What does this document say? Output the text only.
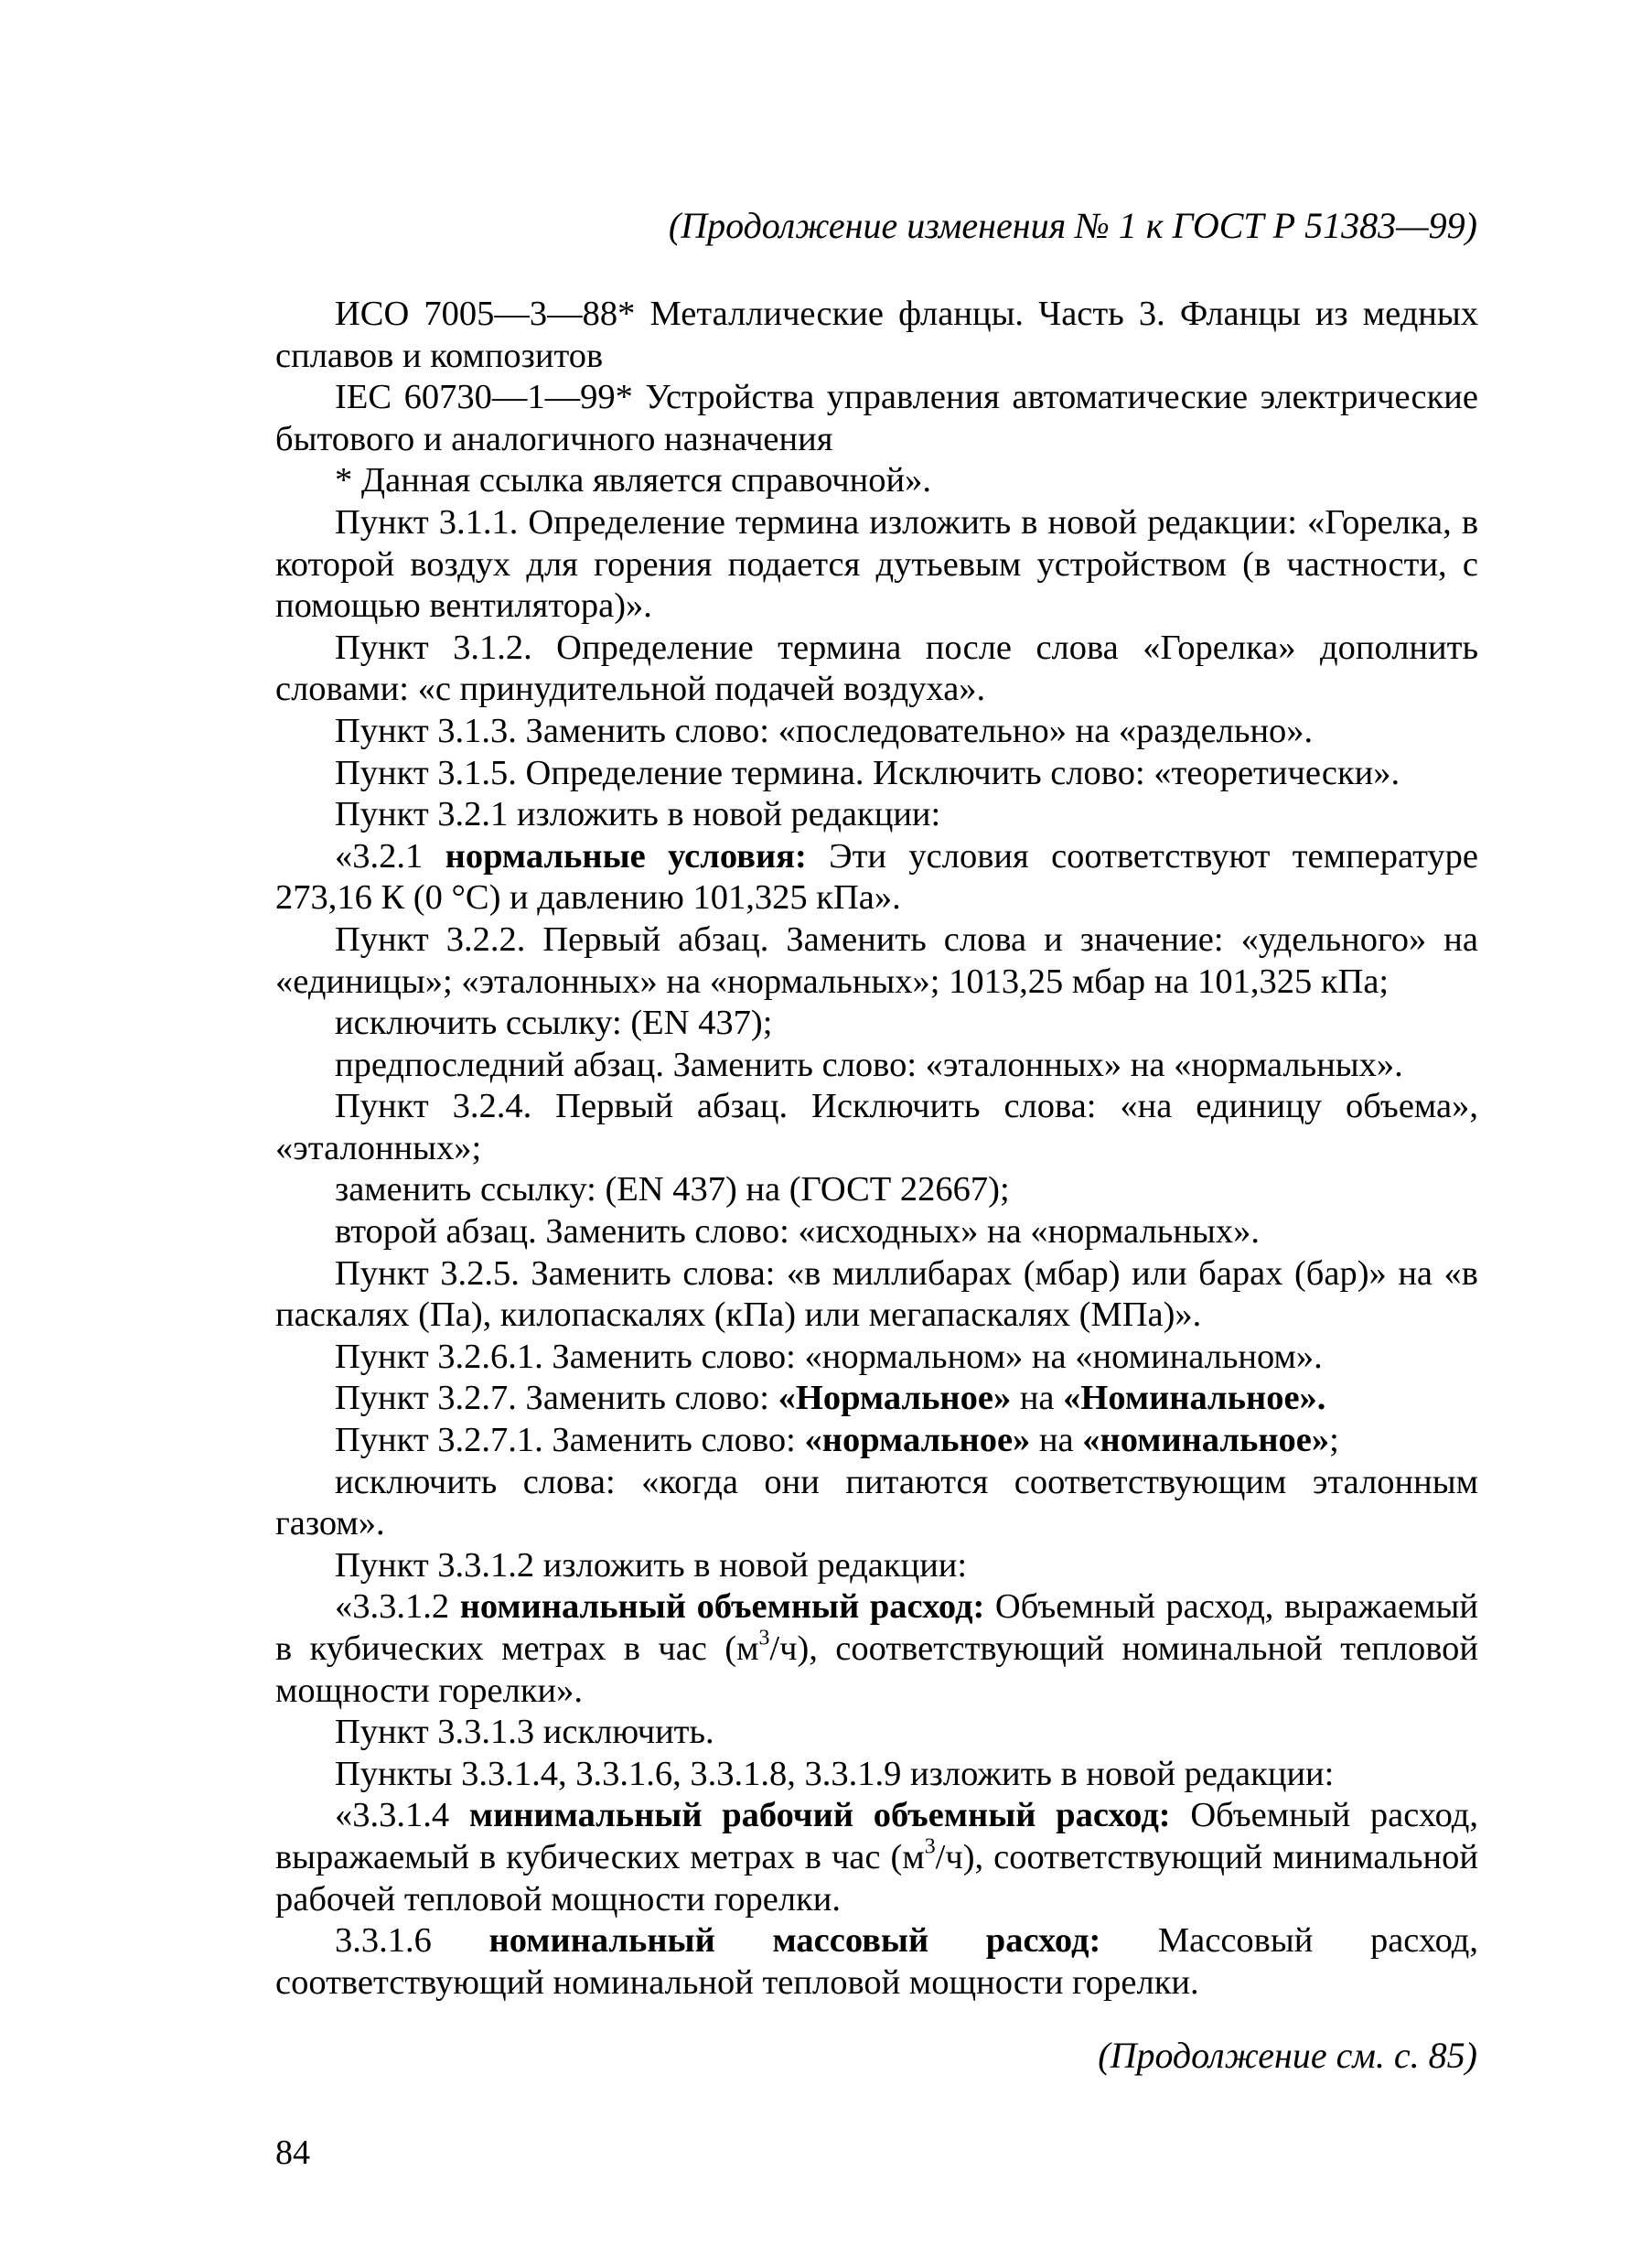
(Продолжение изменения № 1 к ГОСТ Р 51383—99)

ИСО 7005—3—88* Металлические фланцы. Часть 3. Фланцы из медных сплавов и композитов

IEC 60730—1—99* Устройства управления автоматические электрические бытового и аналогичного назначения

* Данная ссылка является справочной».

Пункт 3.1.1. Определение термина изложить в новой редакции: «Горелка, в которой воздух для горения подается дутьевым устройством (в частности, с помощью вентилятора)».

Пункт 3.1.2. Определение термина после слова «Горелка» дополнить словами: «с принудительной подачей воздуха».

Пункт 3.1.3. Заменить слово: «последовательно» на «раздельно».

Пункт 3.1.5. Определение термина. Исключить слово: «теоретически».

Пункт 3.2.1 изложить в новой редакции:

«3.2.1 нормальные условия: Эти условия соответствуют температуре 273,16 К (0 °С) и давлению 101,325 кПа».

Пункт 3.2.2. Первый абзац. Заменить слова и значение: «удельного» на «единицы»; «эталонных» на «нормальных»; 1013,25 мбар на 101,325 кПа;

исключить ссылку: (EN 437);

предпоследний абзац. Заменить слово: «эталонных» на «нормальных».

Пункт 3.2.4. Первый абзац. Исключить слова: «на единицу объема», «эталонных»;

заменить ссылку: (EN 437) на (ГОСТ 22667);

второй абзац. Заменить слово: «исходных» на «нормальных».

Пункт 3.2.5. Заменить слова: «в миллибарах (мбар) или барах (бар)» на «в паскалях (Па), килопаскалях (кПа) или мегапаскалях (МПа)».

Пункт 3.2.6.1. Заменить слово: «нормальном» на «номинальном».

Пункт 3.2.7. Заменить слово: «Нормальное» на «Номинальное».

Пункт 3.2.7.1. Заменить слово: «нормальное» на «номинальное»;

исключить слова: «когда они питаются соответствующим эталонным газом».

Пункт 3.3.1.2 изложить в новой редакции:

«3.3.1.2 номинальный объемный расход: Объемный расход, выражаемый в кубических метрах в час $(м^3/ч)$, соответствующий номинальной тепловой мощности горелки».

Пункт 3.3.1.3 исключить.

Пункты 3.3.1.4, 3.3.1.6, 3.3.1.8, 3.3.1.9 изложить в новой редакции:

«3.3.1.4 минимальный рабочий объемный расход: Объемный расход, выражаемый в кубических метрах в час $(м^3/ч)$, соответствующий минимальной рабочей тепловой мощности горелки.

3.3.1.6 номинальный массовый расход: Массовый расход, соответствующий номинальной тепловой мощности горелки.

(Продолжение см. с. 85)
84
